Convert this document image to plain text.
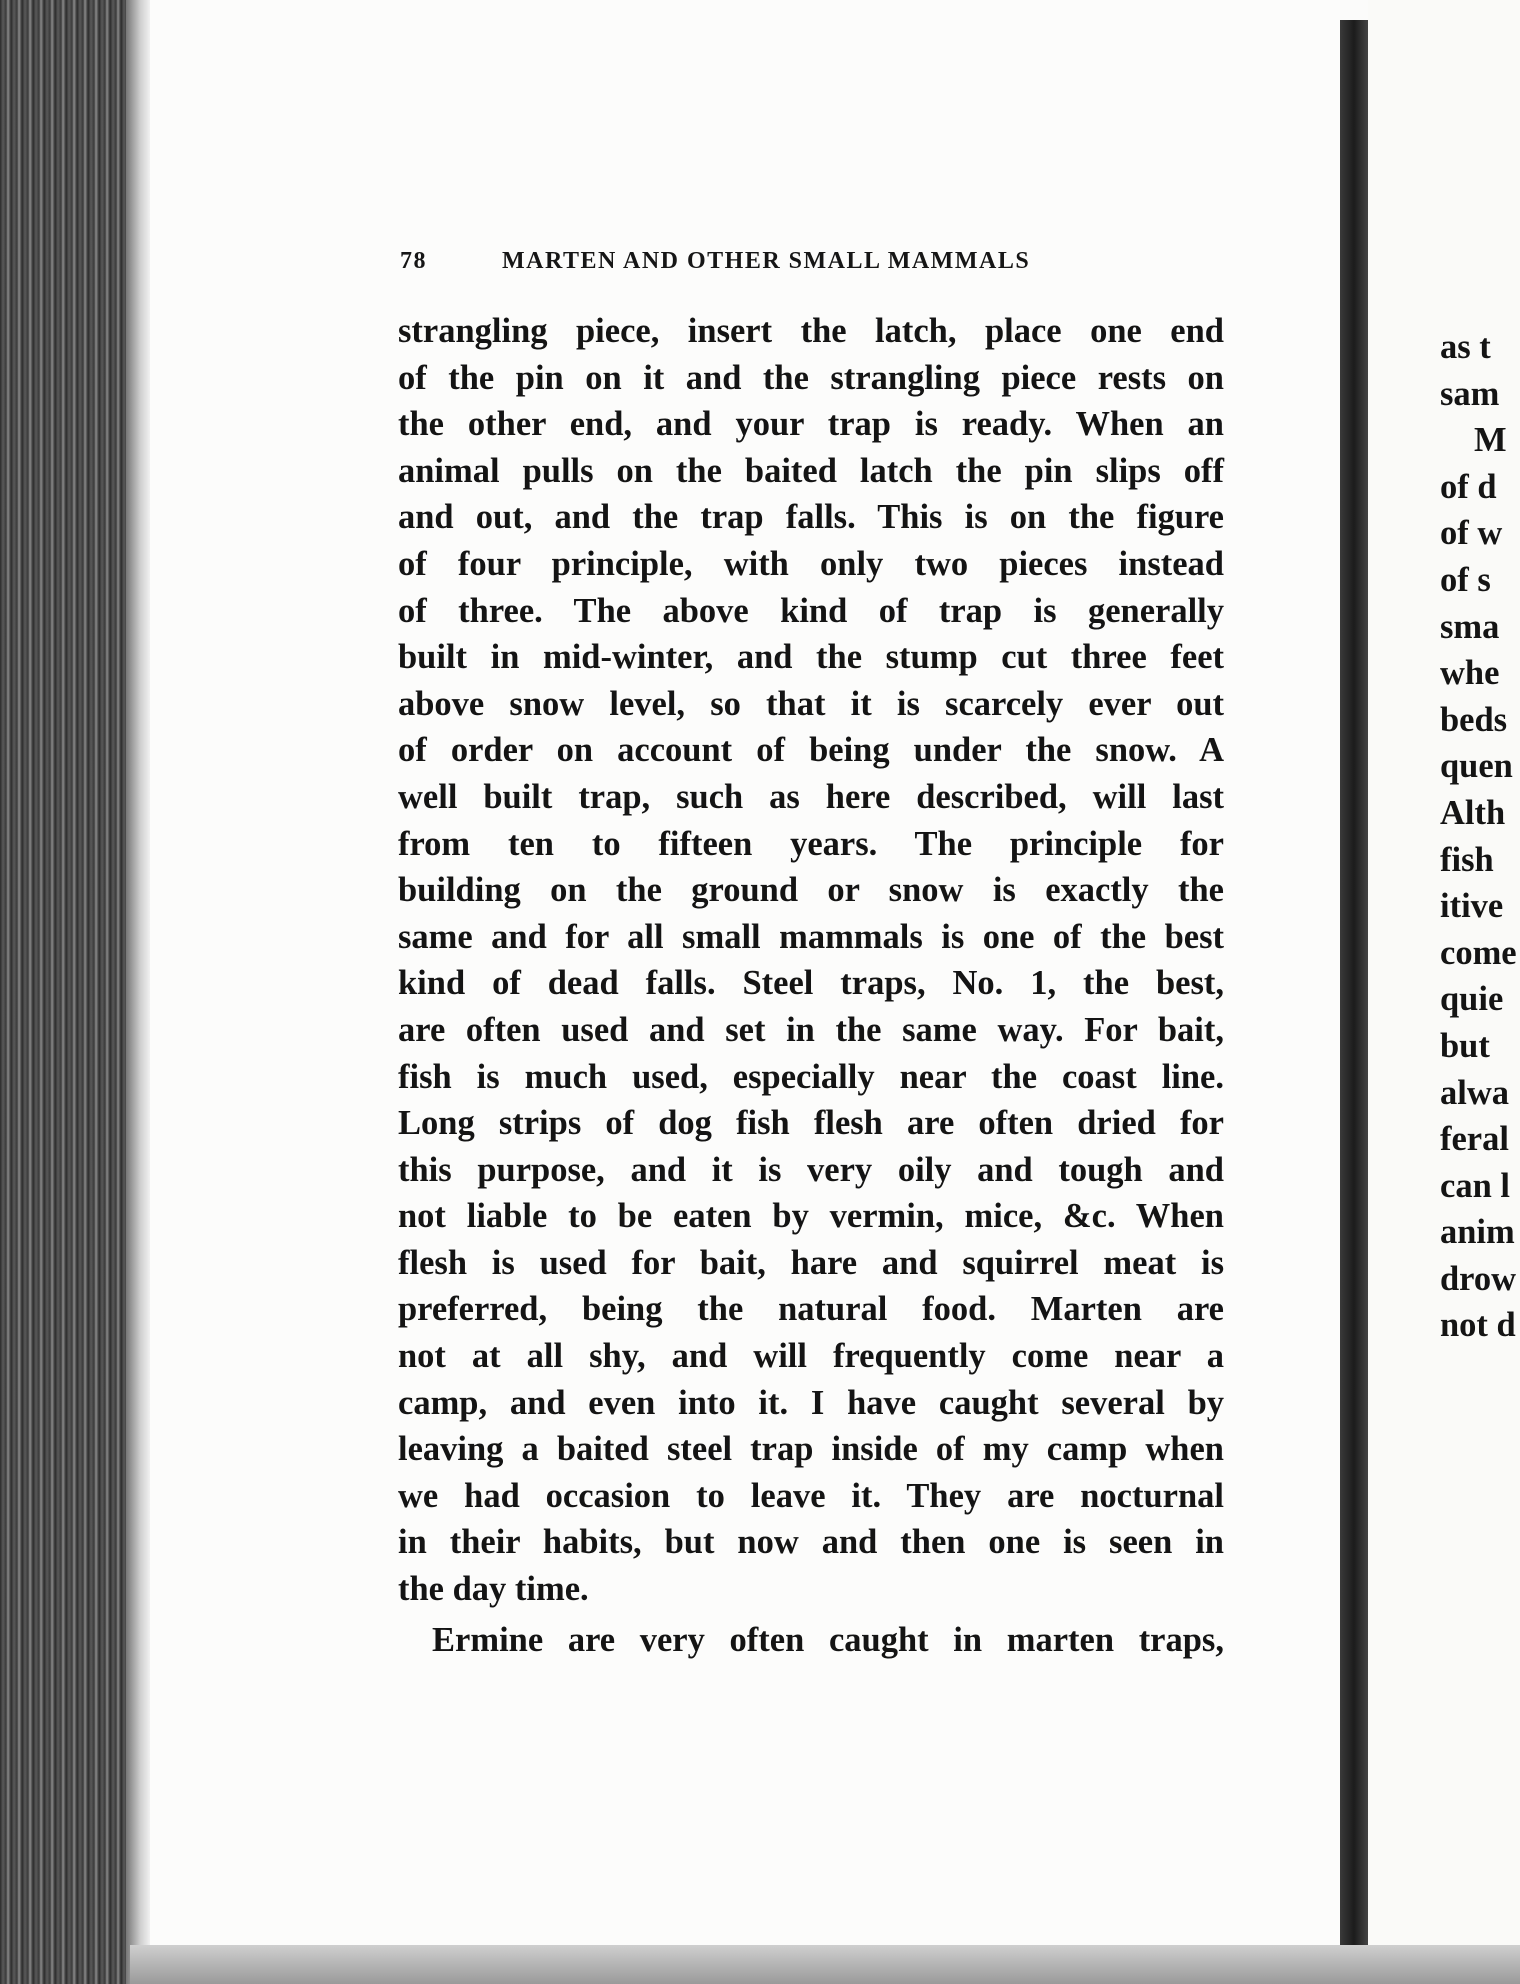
as t
sam
M
of d
of w
of s
sma
whe
beds
quen
Alth
fish
itive
come
quie
but
alwa
feral
can l
anim
drow
not d
78	MARTEN AND OTHER SMALL MAMMALS
strangling piece, insert the latch, place one end
of the pin on it and the strangling piece rests on
the other end, and your trap is ready. When an
animal pulls on the baited latch the pin slips off
and out, and the trap falls. This is on the figure
of four principle, with only two pieces instead
of three. The above kind of trap is generally
built in mid-winter, and the stump cut three feet
above snow level, so that it is scarcely ever out
of order on account of being under the snow. A
well built trap, such as here described, will last
from ten to fifteen years. The principle for
building on the ground or snow is exactly the
same and for all small mammals is one of the best
kind of dead falls. Steel traps, No. 1, the best,
are often used and set in the same way. For bait,
fish is much used, especially near the coast line.
Long strips of dog fish flesh are often dried for
this purpose, and it is very oily and tough and
not liable to be eaten by vermin, mice, &c. When
flesh is used for bait, hare and squirrel meat is
preferred, being the natural food. Marten are
not at all shy, and will frequently come near a
camp, and even into it. I have caught several by
leaving a baited steel trap inside of my camp when
we had occasion to leave it. They are nocturnal
in their habits, but now and then one is seen in
the day time.
Ermine are very often caught in marten traps,
